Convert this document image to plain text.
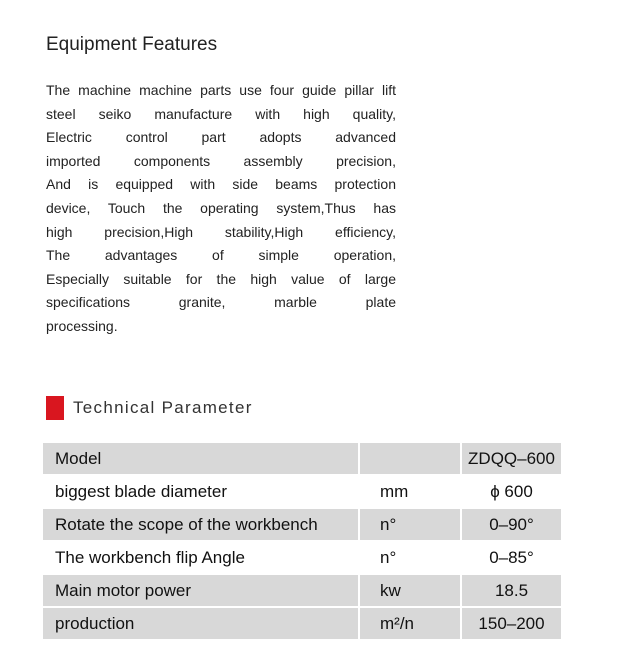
Equipment Features
The machine machine parts use four guide pillar lift
steel seiko manufacture with high quality,
Electric control part adopts advanced
imported components assembly precision,
And is equipped with side beams protection
device, Touch the operating system,Thus has
high precision,High stability,High efficiency,
The advantages of simple operation,
Especially suitable for the high value of large
specifications granite, marble plate
processing.
Technical Parameter
Model		ZDQQ–600
biggest blade diameter	mm	ϕ 600
Rotate the scope of the workbench	n°	0–90°
The workbench flip Angle	n°	0–85°
Main motor power	kw	18.5
production	m²/n	150–200
